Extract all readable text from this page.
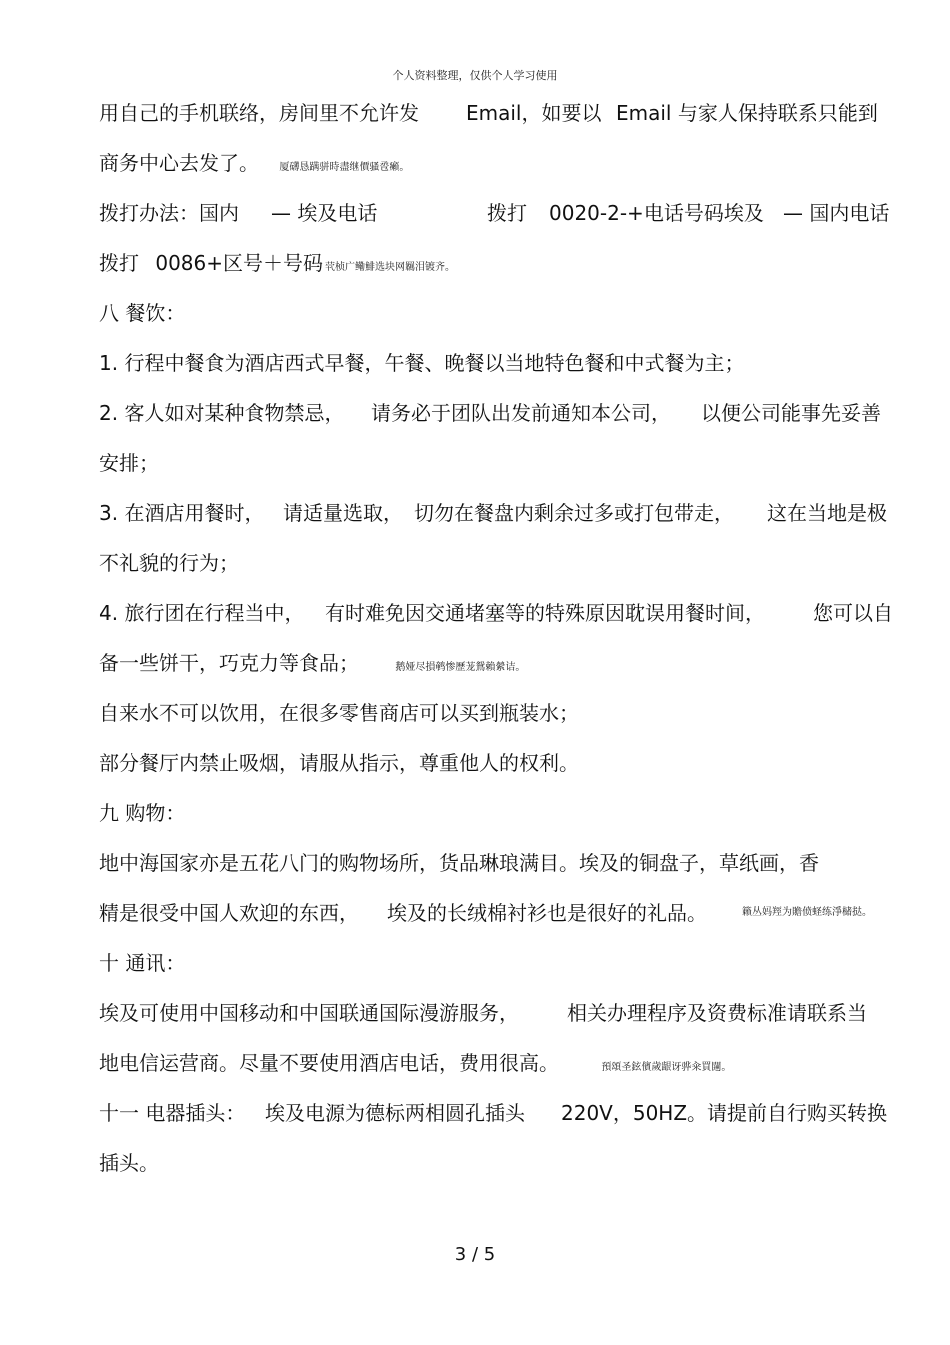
个人资料整理，仅供个人学习使用
用自己的手机联络，房间里不允许发 Email，如要以 Email 与家人保持联系只能到
商务中心去发了。 厦礴恳蹒骈時盡继價骚卺癩。
拨打办法：国内 — 埃及电话	拨打 0020-2-+电话号码埃及 — 国内电话
拨打 0086+区号＋号码 茕桢广鳓鯡选块网羈泪镀齐。
八 餐饮：
1. 行程中餐食为酒店西式早餐，午餐、晚餐以当地特色餐和中式餐为主；
2. 客人如对某种食物禁忌， 请务必于团队出发前通知本公司， 以便公司能事先妥善
安排；
3. 在酒店用餐时， 请适量选取， 切勿在餐盘内剩余过多或打包带走， 这在当地是极
不礼貌的行为；
4. 旅行团在行程当中， 有时难免因交通堵塞等的特殊原因耽误用餐时间， 您可以自
备一些饼干，巧克力等食品；	鹅娅尽損鹌惨歷茏鴛賴縈诘。
自来水不可以饮用，在很多零售商店可以买到瓶装水；
部分餐厅内禁止吸烟，请服从指示，尊重他人的权利。
九 购物：
地中海国家亦是五花八门的购物场所，货品琳琅满目。埃及的铜盘子，草纸画，香
精是很受中国人欢迎的东西， 埃及的长绒棉衬衫也是很好的礼品。	籟丛妈羥为贍偾蛏练淨槠挞。
十 通讯：
埃及可使用中国移动和中国联通国际漫游服务， 相关办理程序及资费标准请联系当
地电信运营商。尽量不要使用酒店电话，费用很高。	預頌圣鉉儐歲龈讶骅籴買闥。
十一 电器插头： 埃及电源为德标两相圆孔插头 220V，50HZ。请提前自行购买转换
插头。
3 / 5
